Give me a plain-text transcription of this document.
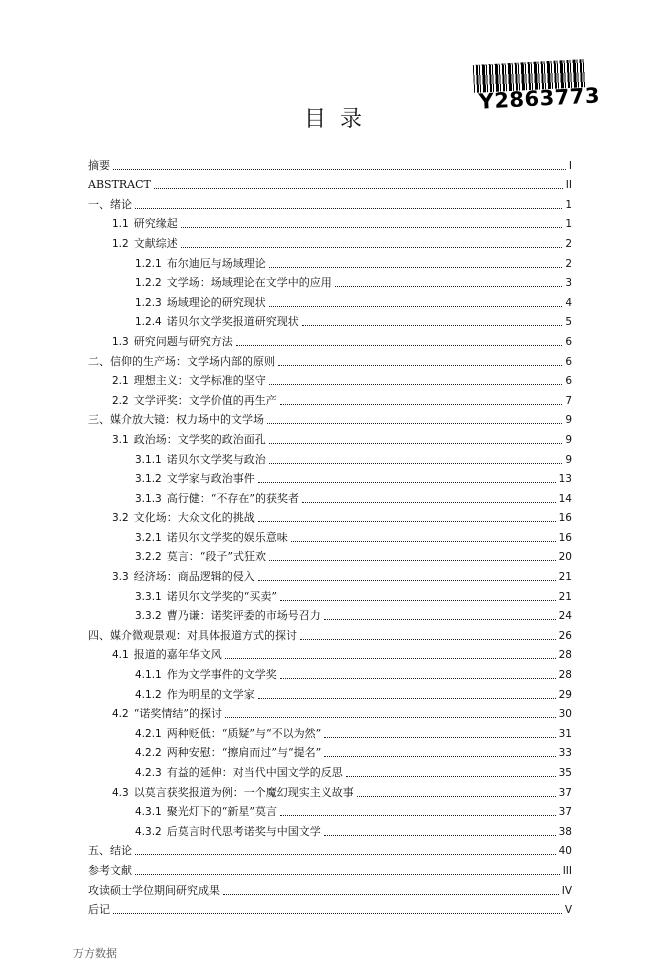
Y2863773
目录
摘要	I
ABSTRACT	II
一、绪论	1
1.1 研究缘起	1
1.2 文献综述	2
1.2.1 布尔迪厄与场域理论	2
1.2.2 文学场：场域理论在文学中的应用	3
1.2.3 场域理论的研究现状	4
1.2.4 诺贝尔文学奖报道研究现状	5
1.3 研究问题与研究方法	6
二、信仰的生产场：文学场内部的原则	6
2.1 理想主义：文学标准的坚守	6
2.2 文学评奖：文学价值的再生产	7
三、媒介放大镜：权力场中的文学场	9
3.1 政治场：文学奖的政治面孔	9
3.1.1 诺贝尔文学奖与政治	9
3.1.2 文学家与政治事件	13
3.1.3 高行健：“不存在”的获奖者	14
3.2 文化场：大众文化的挑战	16
3.2.1 诺贝尔文学奖的娱乐意味	16
3.2.2 莫言：“段子”式狂欢	20
3.3 经济场：商品逻辑的侵入	21
3.3.1 诺贝尔文学奖的“买卖”	21
3.3.2 曹乃谦：诺奖评委的市场号召力	24
四、媒介微观景观：对具体报道方式的探讨	26
4.1 报道的嘉年华文风	28
4.1.1 作为文学事件的文学奖	28
4.1.2 作为明星的文学家	29
4.2 “诺奖情结”的探讨	30
4.2.1 两种贬低：“质疑”与“不以为然”	31
4.2.2 两种安慰：“擦肩而过”与“提名”	33
4.2.3 有益的延伸：对当代中国文学的反思	35
4.3 以莫言获奖报道为例：一个魔幻现实主义故事	37
4.3.1 聚光灯下的“新星”莫言	37
4.3.2 后莫言时代思考诺奖与中国文学	38
五、结论	40
参考文献	III
攻读硕士学位期间研究成果	IV
后记	V
万方数据
